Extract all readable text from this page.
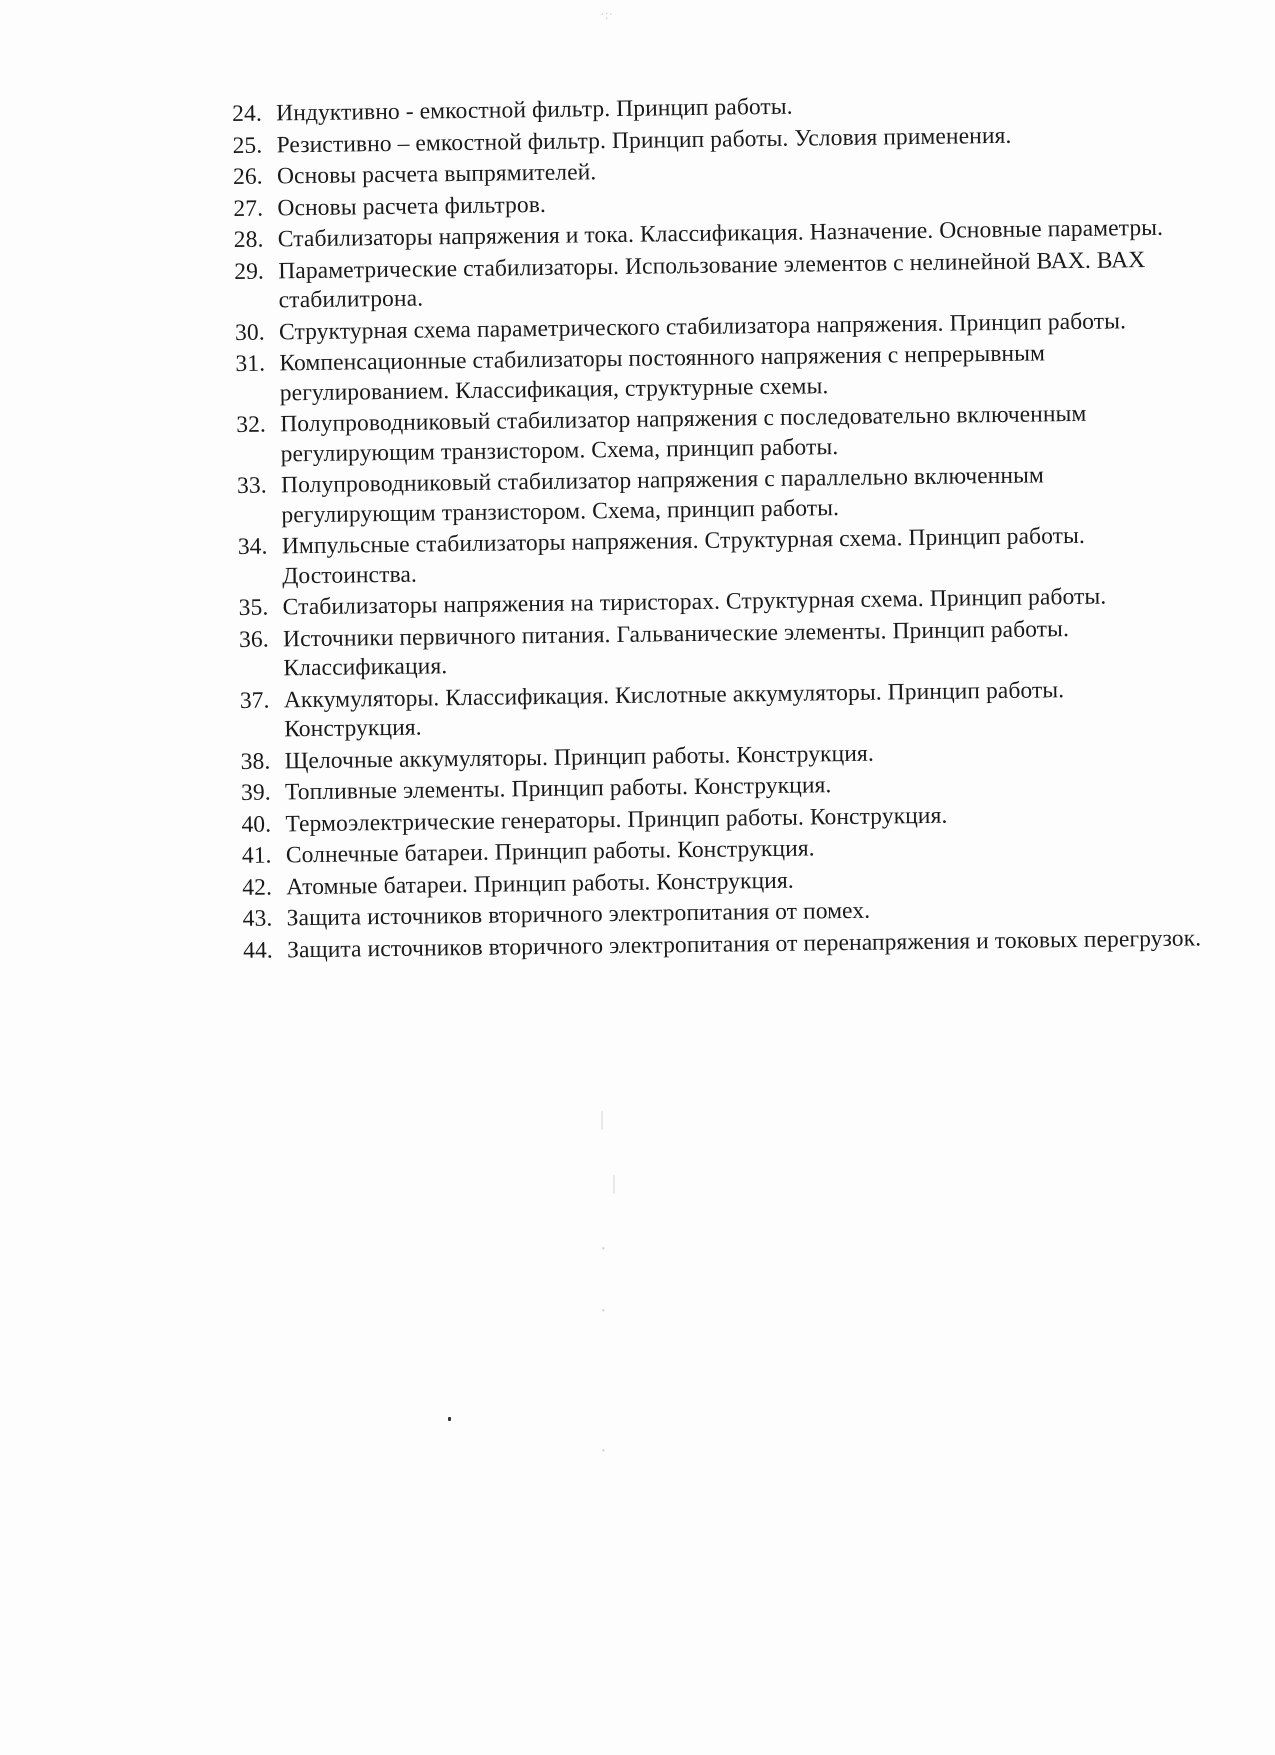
·:·
|
|
·
·
·
24. Индуктивно - емкостной фильтр. Принцип работы.
25. Резистивно – емкостной фильтр. Принцип работы. Условия применения.
26. Основы расчета выпрямителей.
27. Основы расчета фильтров.
28. Стабилизаторы напряжения и тока. Классификация. Назначение. Основные параметры.
29. Параметрические стабилизаторы. Использование элементов с нелинейной ВАХ. ВАХ стабилитрона.
30. Структурная схема параметрического стабилизатора напряжения. Принцип работы.
31. Компенсационные стабилизаторы постоянного напряжения с непрерывным регулированием. Классификация, структурные схемы.
32. Полупроводниковый стабилизатор напряжения с последовательно включенным регулирующим транзистором. Схема, принцип работы.
33. Полупроводниковый стабилизатор напряжения с параллельно включенным регулирующим транзистором. Схема, принцип работы.
34. Импульсные стабилизаторы напряжения. Структурная схема. Принцип работы. Достоинства.
35. Стабилизаторы напряжения на тиристорах. Структурная схема. Принцип работы.
36. Источники первичного питания. Гальванические элементы. Принцип работы. Классификация.
37. Аккумуляторы. Классификация. Кислотные аккумуляторы. Принцип работы. Конструкция.
38. Щелочные аккумуляторы. Принцип работы. Конструкция.
39. Топливные элементы. Принцип работы. Конструкция.
40. Термоэлектрические генераторы. Принцип работы. Конструкция.
41. Солнечные батареи. Принцип работы. Конструкция.
42. Атомные батареи. Принцип работы. Конструкция.
43. Защита источников вторичного электропитания от помех.
44. Защита источников вторичного электропитания от перенапряжения и токовых перегрузок.
